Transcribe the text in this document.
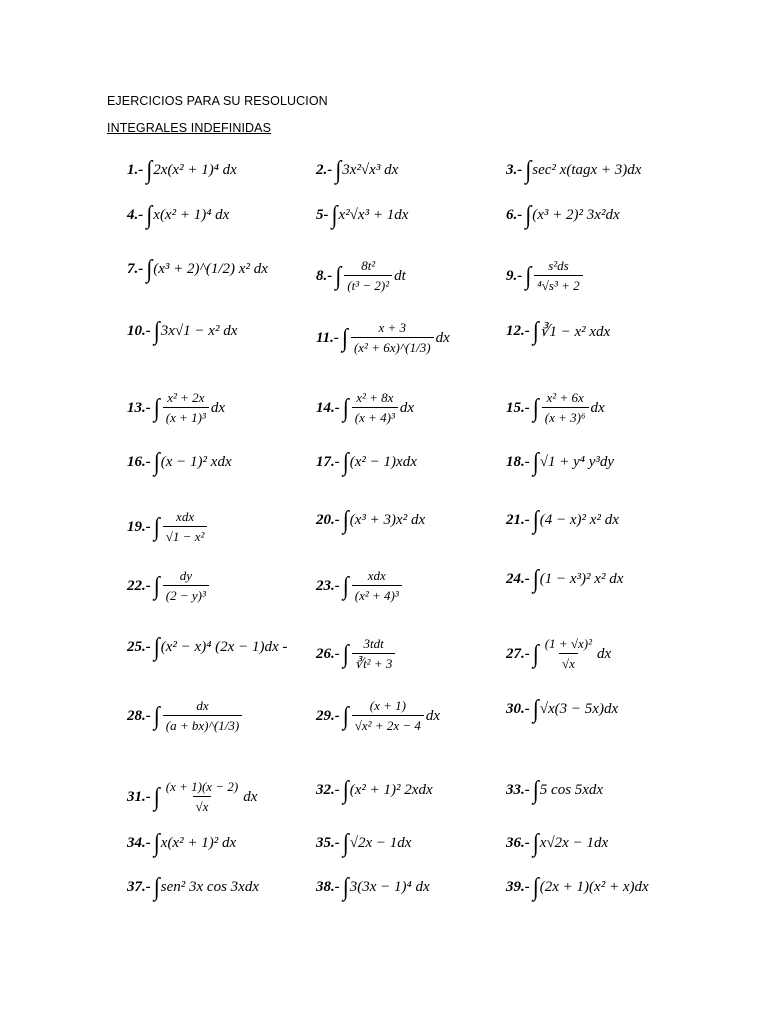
EJERCICIOS PARA SU RESOLUCION
INTEGRALES INDEFINIDAS
1.- ∫ 2x(x² + 1)⁴ dx	2.- ∫ 3x²√x³ dx	3.- ∫ sec² x(tagx + 3)dx
4.- ∫ x(x² + 1)⁴ dx	5- ∫ x²√x³ + 1dx	6.- ∫ (x³ + 2)² 3x²dx
7.- ∫ (x³ + 2)^(1/2) x² dx	8.- ∫ $\frac{\text{8t²}}{\text{(t³ − 2)²}}$ dt	9.- ∫ $\frac{\text{s²ds}}{\text{⁴√s³ + 2}}$
10.- ∫ 3x√1 − x² dx	11.- ∫ $\frac{x + 3}{\text{(x² + 6x)\textasciicircum{}(1/3)}}$ dx	12.- ∫ ∛1 − x² xdx
13.- ∫ $\frac{\text{x² + 2x}}{\text{(x + 1)³}}$ dx	14.- ∫ $\frac{\text{x² + 8x}}{\text{(x + 4)³}}$ dx	15.- ∫ $\frac{\text{x² + 6x}}{\text{(x + 3)⁶}}$ dx
16.- ∫ (x − 1)² xdx	17.- ∫ (x² − 1)xdx	18.- ∫ √1 + y⁴ y³dy
19.- ∫ $\frac{\text{xdx}}{\text{√1 − x²}}$	20.- ∫ (x³ + 3)x² dx	21.- ∫ (4 − x)² x² dx
22.- ∫ $\frac{dy}{\text{(2 − y)³}}$	23.- ∫ $\frac{\text{xdx}}{\text{(x² + 4)³}}$	24.- ∫ (1 − x³)² x² dx
25.- ∫ (x² − x)⁴ (2x − 1)dx - 26.- ∫ $\frac{\text{3tdt}}{\text{∛t² + 3}}$	27.- ∫ $\frac{\text{(1 + √x)²}}{√x}$ dx
28.- ∫ $\frac{dx}{(a + bx)\^{}(1/3)}$	29.- ∫ $\frac{(x + 1)}{\text{√x² + 2x − 4}}$ dx	30.- ∫ √x(3 − 5x)dx
31.- ∫ $\frac{(x + 1)(x - 2)}{√x}$ dx	32.- ∫ (x² + 1)² 2xdx	33.- ∫ 5 cos 5xdx
34.- ∫ x(x² + 1)² dx	35.- ∫ √2x − 1dx	36.- ∫ x√2x − 1dx
37.- ∫ sen² 3x cos 3xdx	38.- ∫ 3(3x − 1)⁴ dx	39.- ∫ (2x + 1)(x² + x)dx
